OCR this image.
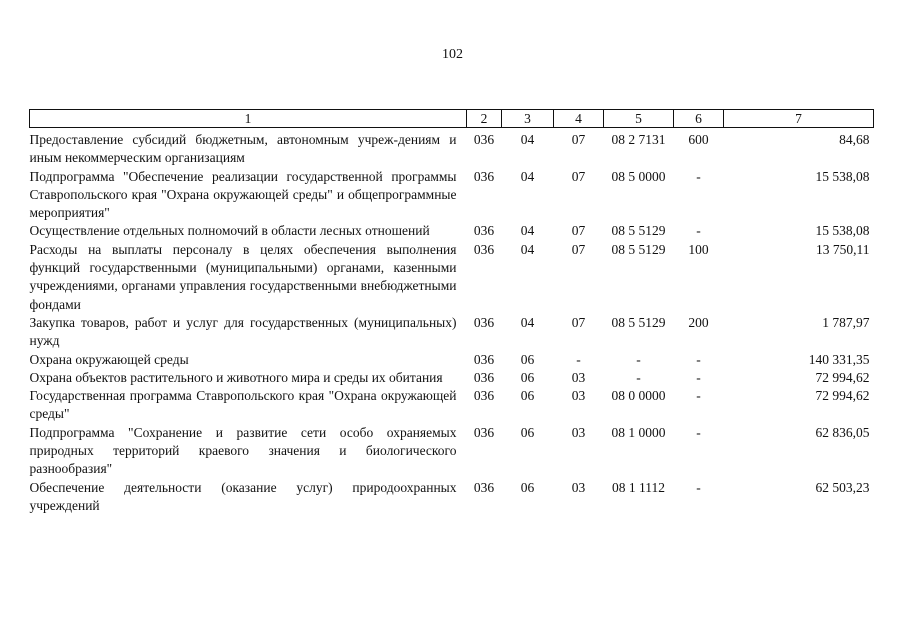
102
1	2	3	4	5	6	7
Предоставление субсидий бюджетным, автономным учреж-дениям и иным некоммерческим организациям	036	04	07	08 2 7131	600	84,68
Подпрограмма "Обеспечение реализации государственной программы Ставропольского края "Охрана окружающей среды" и общепрограммные мероприятия"	036	04	07	08 5 0000	-	15 538,08
Осуществление отдельных полномочий в области лесных отношений	036	04	07	08 5 5129	-	15 538,08
Расходы на выплаты персоналу в целях обеспечения выполнения функций государственными (муниципальными) органами, казенными учреждениями, органами управления государственными внебюджетными фондами	036	04	07	08 5 5129	100	13 750,11
Закупка товаров, работ и услуг для государственных (муниципальных) нужд	036	04	07	08 5 5129	200	1 787,97
Охрана окружающей среды	036	06	-	-	-	140 331,35
Охрана объектов растительного и животного мира и среды их обитания	036	06	03	-	-	72 994,62
Государственная программа Ставропольского края "Охрана окружающей среды"	036	06	03	08 0 0000	-	72 994,62
Подпрограмма "Сохранение и развитие сети особо охраняемых природных территорий краевого значения и биологического разнообразия"	036	06	03	08 1 0000	-	62 836,05
Обеспечение деятельности (оказание услуг) природоохранных учреждений	036	06	03	08 1 1112	-	62 503,23
